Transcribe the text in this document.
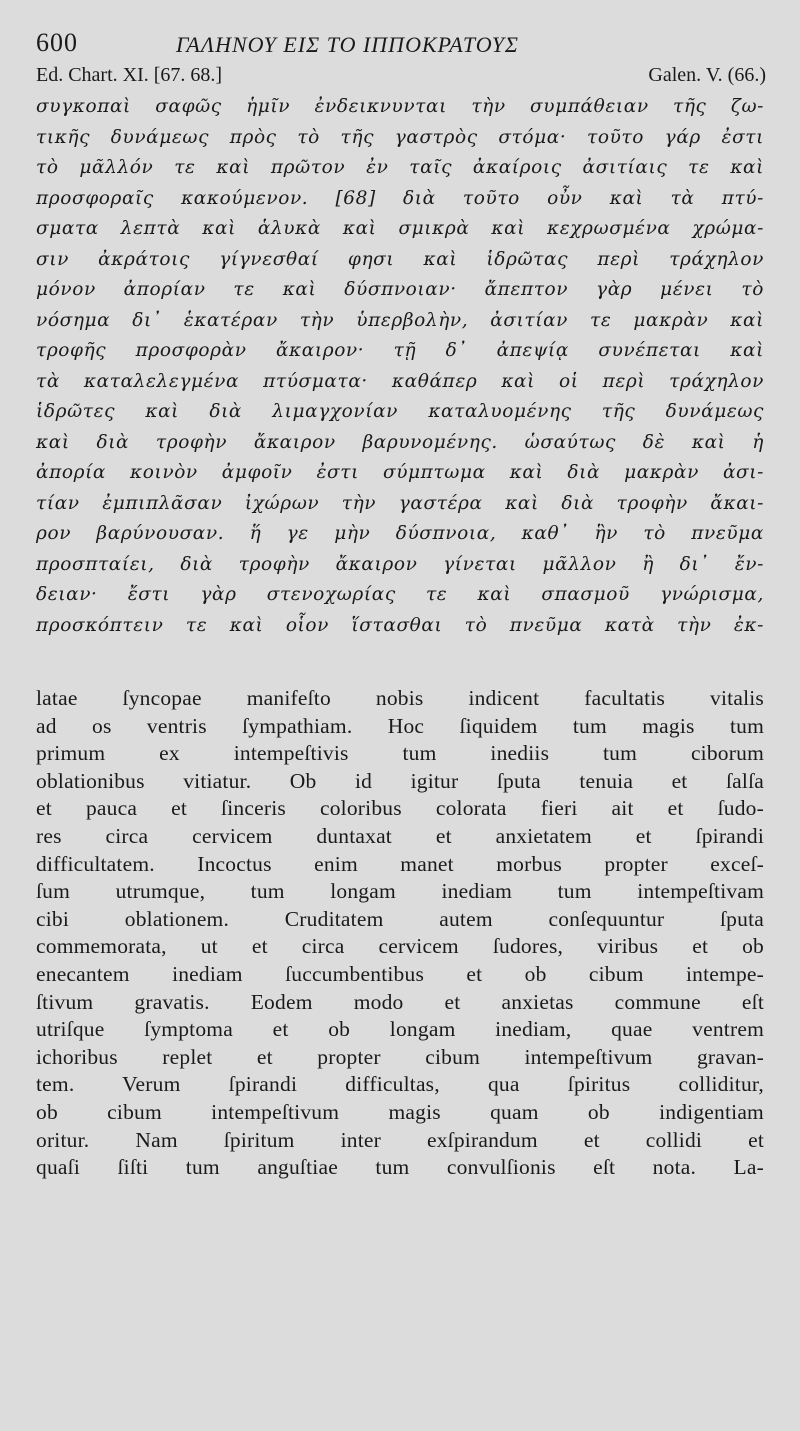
600	ΓΑΛΗΝΟΥ ΕΙΣ ΤΟ ΙΠΠΟΚΡΑΤΟΥΣ
Ed. Chart. XI. [67. 68.]	Galen. V. (66.)
συγκοπαὶ σαφῶς ἡμῖν ἐνδεικνυνται τὴν συμπάθειαν τῆς ζω-
τικῆς δυνάμεως πρὸς τὸ τῆς γαστρὸς στόμα· τοῦτο γάρ ἐστι
τὸ μᾶλλόν τε καὶ πρῶτον ἐν ταῖς ἀκαίροις ἀσιτίαις τε καὶ
προσφοραῖς κακούμενον. [68] διὰ τοῦτο οὖν καὶ τὰ πτύ-
σματα λεπτὰ καὶ ἁλυκὰ καὶ σμικρὰ καὶ κεχρωσμένα χρώμα-
σιν ἀκράτοις γίγνεσθαί φησι καὶ ἱδρῶτας περὶ τράχηλον
μόνον ἀπορίαν τε καὶ δύσπνοιαν· ἄπεπτον γὰρ μένει τὸ
νόσημα δι᾽ ἑκατέραν τὴν ὑπερβολὴν, ἀσιτίαν τε μακρὰν καὶ
τροφῆς προσφορὰν ἄκαιρον· τῇ δ᾽ ἀπεψίᾳ συνέπεται καὶ
τὰ καταλελεγμένα πτύσματα· καθάπερ καὶ οἱ περὶ τράχηλον
ἱδρῶτες καὶ διὰ λιμαγχονίαν καταλυομένης τῆς δυνάμεως
καὶ διὰ τροφὴν ἄκαιρον βαρυνομένης. ὡσαύτως δὲ καὶ ἡ
ἀπορία κοινὸν ἀμφοῖν ἐστι σύμπτωμα καὶ διὰ μακρὰν ἀσι-
τίαν ἐμπιπλᾶσαν ἰχώρων τὴν γαστέρα καὶ διὰ τροφὴν ἄκαι-
ρον βαρύνουσαν. ἥ γε μὴν δύσπνοια, καθ᾽ ἣν τὸ πνεῦμα
προσπταίει, διὰ τροφὴν ἄκαιρον γίνεται μᾶλλον ἢ δι᾽ ἔν-
δειαν· ἔστι γὰρ στενοχωρίας τε καὶ σπασμοῦ γνώρισμα,
προσκόπτειν τε καὶ οἷον ἵστασθαι τὸ πνεῦμα κατὰ τὴν ἐκ-
latae ſyncopae manifeſto nobis indicent facultatis vitalis
ad os ventris ſympathiam. Hoc ſiquidem tum magis tum
primum ex intempeſtivis tum inediis tum ciborum
oblationibus vitiatur. Ob id igitur ſputa tenuia et ſalſa
et pauca et ſinceris coloribus colorata fieri ait et ſudo-
res circa cervicem duntaxat et anxietatem et ſpirandi
difficultatem. Incoctus enim manet morbus propter exceſ-
ſum utrumque, tum longam inediam tum intempeſtivam
cibi oblationem. Cruditatem autem conſequuntur ſputa
commemorata, ut et circa cervicem ſudores, viribus et ob
enecantem inediam ſuccumbentibus et ob cibum intempe-
ſtivum gravatis. Eodem modo et anxietas commune eſt
utriſque ſymptoma et ob longam inediam, quae ventrem
ichoribus replet et propter cibum intempeſtivum gravan-
tem. Verum ſpirandi difficultas, qua ſpiritus colliditur,
ob cibum intempeſtivum magis quam ob indigentiam
oritur. Nam ſpiritum inter exſpirandum et collidi et
quaſi ſiſti tum anguſtiae tum convulſionis eſt nota. La-
